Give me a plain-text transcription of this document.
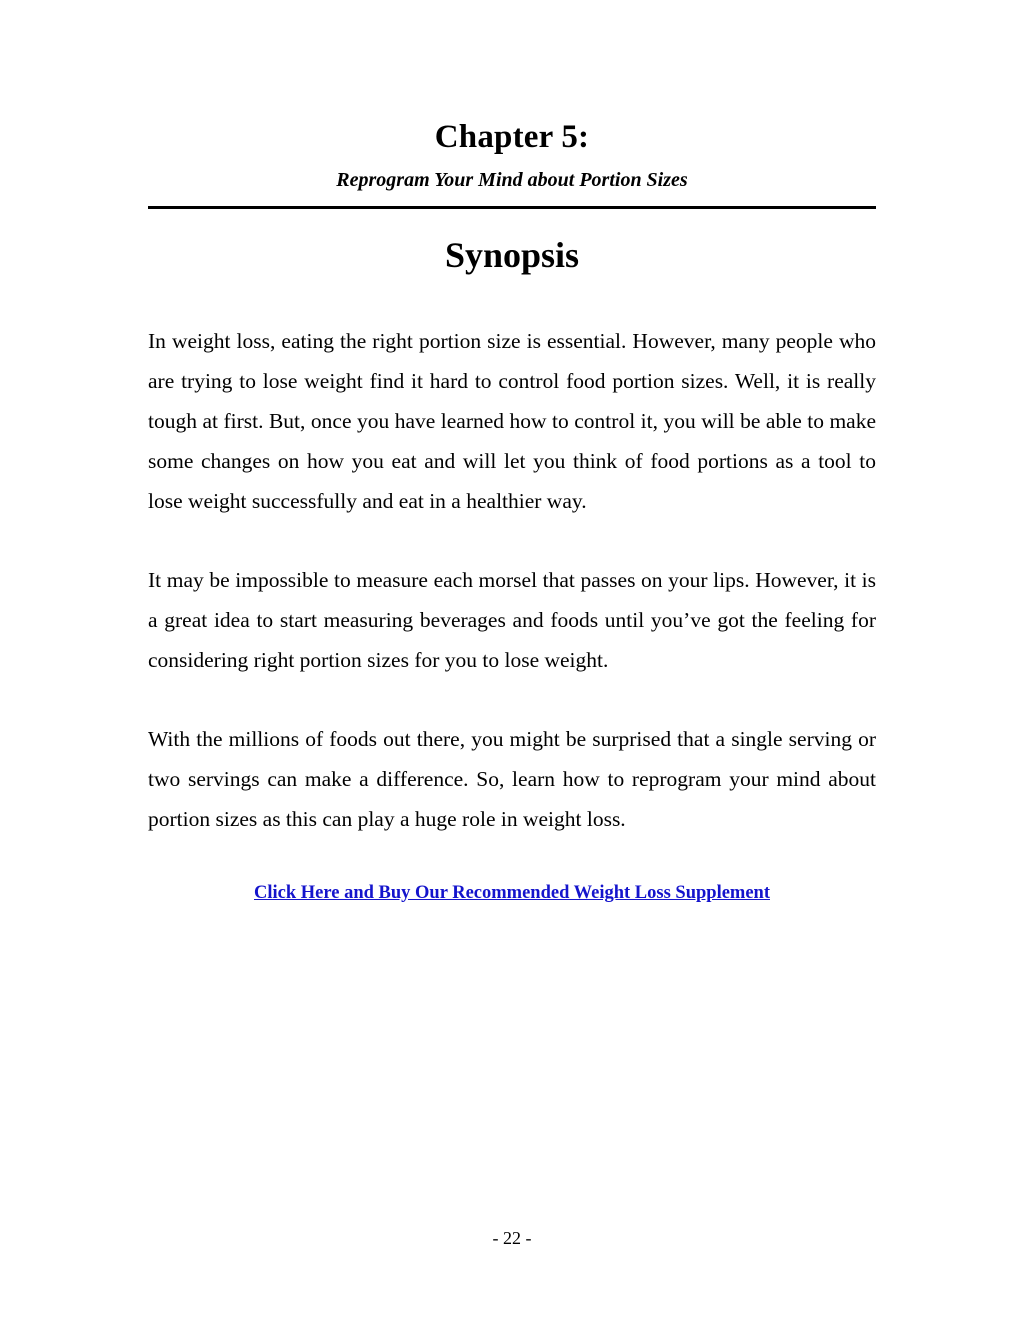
Chapter 5:
Reprogram Your Mind about Portion Sizes
Synopsis

In weight loss, eating the right portion size is essential. However, many people who are trying to lose weight find it hard to control food portion sizes. Well, it is really tough at first. But, once you have learned how to control it, you will be able to make some changes on how you eat and will let you think of food portions as a tool to lose weight successfully and eat in a healthier way.

It may be impossible to measure each morsel that passes on your lips. However, it is a great idea to start measuring beverages and foods until you’ve got the feeling for considering right portion sizes for you to lose weight.

With the millions of foods out there, you might be surprised that a single serving or two servings can make a difference. So, learn how to reprogram your mind about portion sizes as this can play a huge role in weight loss.

Click Here and Buy Our Recommended Weight Loss Supplement
- 22 -
